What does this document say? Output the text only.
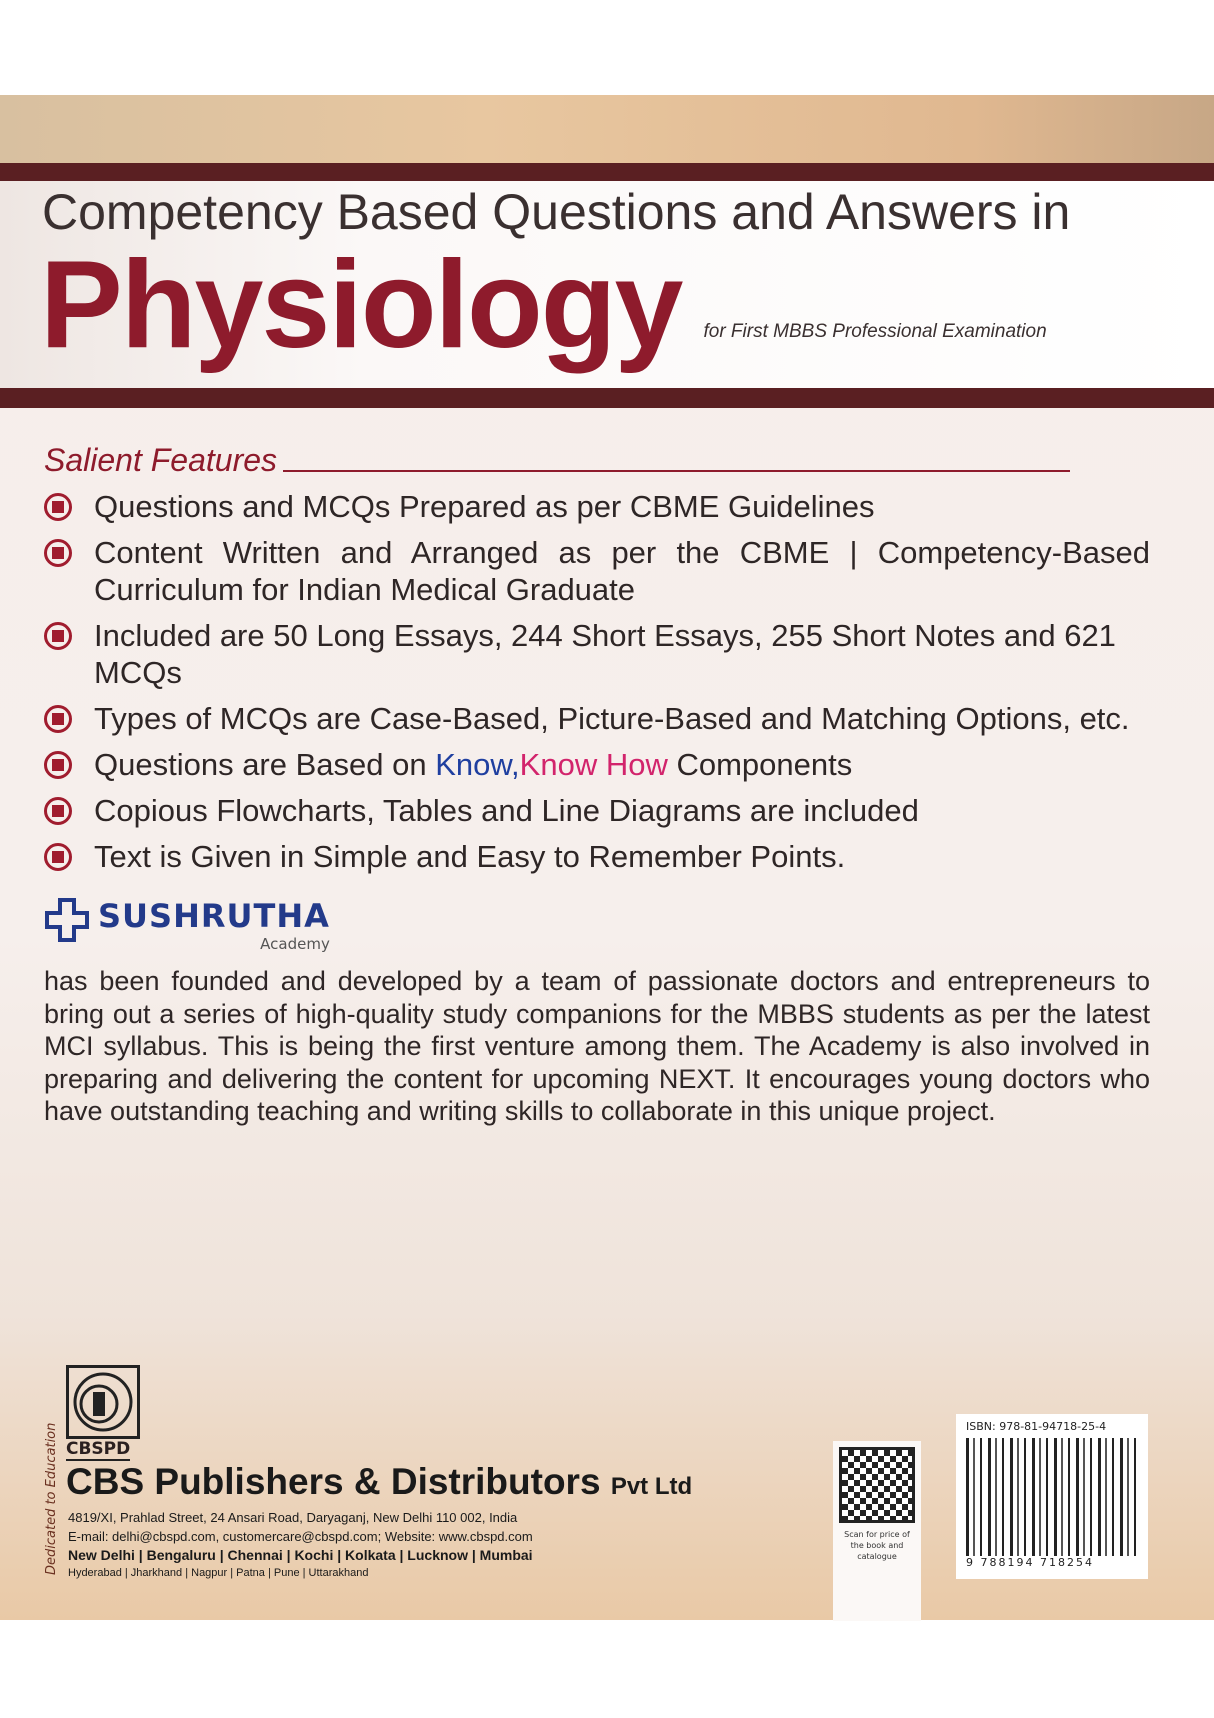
Competency Based Questions and Answers in
Physiology for First MBBS Professional Examination
Salient Features
Questions and MCQs Prepared as per CBME Guidelines
Content Written and Arranged as per the CBME | Competency-Based Curriculum for Indian Medical Graduate
Included are 50 Long Essays, 244 Short Essays, 255 Short Notes and 621 MCQs
Types of MCQs are Case-Based, Picture-Based and Matching Options, etc.
Questions are Based on Know,Know How Components
Copious Flowcharts, Tables and Line Diagrams are included
Text is Given in Simple and Easy to Remember Points.
SUSHRUTHA
Academy

has been founded and developed by a team of passionate doctors and entrepreneurs to bring out a series of high-quality study companions for the MBBS students as per the latest MCI syllabus. This is being the first venture among them. The Academy is also involved in preparing and delivering the content for upcoming NEXT. It encourages young doctors who have outstanding teaching and writing skills to collaborate in this unique project.

Dedicated to Education CBSPD
CBS Publishers & Distributors Pvt Ltd
4819/XI, Prahlad Street, 24 Ansari Road, Daryaganj, New Delhi 110 002, India
E-mail: delhi@cbspd.com, customercare@cbspd.com; Website: www.cbspd.com
New Delhi | Bengaluru | Chennai | Kochi | Kolkata | Lucknow | Mumbai
Hyderabad | Jharkhand | Nagpur | Patna | Pune | Uttarakhand
Scan for price of the book and catalogue
ISBN: 978-81-94718-25-4
9 788194 718254
